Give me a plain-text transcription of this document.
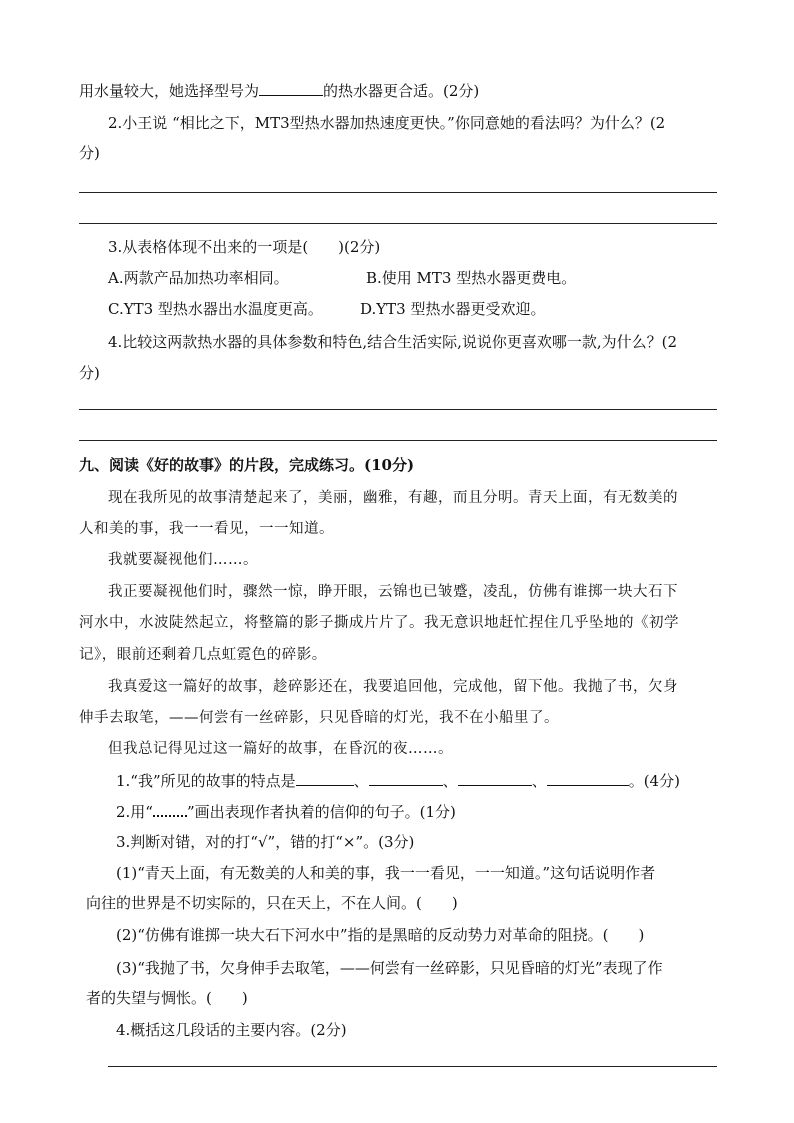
用水量较大，她选择型号为	的热水器更合适。(2分)
2.小王说 “相比之下，MT3型热水器加热速度更快。”你同意她的看法吗？为什么？(2
分)
3.从表格体现不出来的一项是(　　)(2分)
A.两款产品加热功率相同。	B.使用 MT3 型热水器更费电。
C.YT3 型热水器出水温度更高。 D.YT3 型热水器更受欢迎。
4.比较这两款热水器的具体参数和特色,结合生活实际,说说你更喜欢哪一款,为什么？(2
分)
九、阅读《好的故事》的片段，完成练习。(10分)
现在我所见的故事清楚起来了，美丽，幽雅，有趣，而且分明。青天上面，有无数美的
人和美的事，我一一看见，一一知道。
我就要凝视他们……。
我正要凝视他们时，骤然一惊，睁开眼，云锦也已皱蹙，凌乱，仿佛有谁掷一块大石下
河水中，水波陡然起立，将整篇的影子撕成片片了。我无意识地赶忙捏住几乎坠地的《初学
记》，眼前还剩着几点虹霓色的碎影。
我真爱这一篇好的故事，趁碎影还在，我要追回他，完成他，留下他。我抛了书，欠身
伸手去取笔，——何尝有一丝碎影，只见昏暗的灯光，我不在小船里了。
但我总记得见过这一篇好的故事，在昏沉的夜……。
1.“我”所见的故事的特点是	、	、	、	。(4分)
2.用“ ”画出表现作者执着的信仰的句子。(1分)
3.判断对错，对的打“√”，错的打“×”。(3分)
(1)“青天上面，有无数美的人和美的事，我一一看见，一一知道。”这句话说明作者
向往的世界是不切实际的，只在天上，不在人间。(　　)
(2)“仿佛有谁掷一块大石下河水中”指的是黑暗的反动势力对革命的阻挠。(　　)
(3)“我抛了书，欠身伸手去取笔，——何尝有一丝碎影，只见昏暗的灯光”表现了作
者的失望与惆怅。(　　)
4.概括这几段话的主要内容。(2分)
